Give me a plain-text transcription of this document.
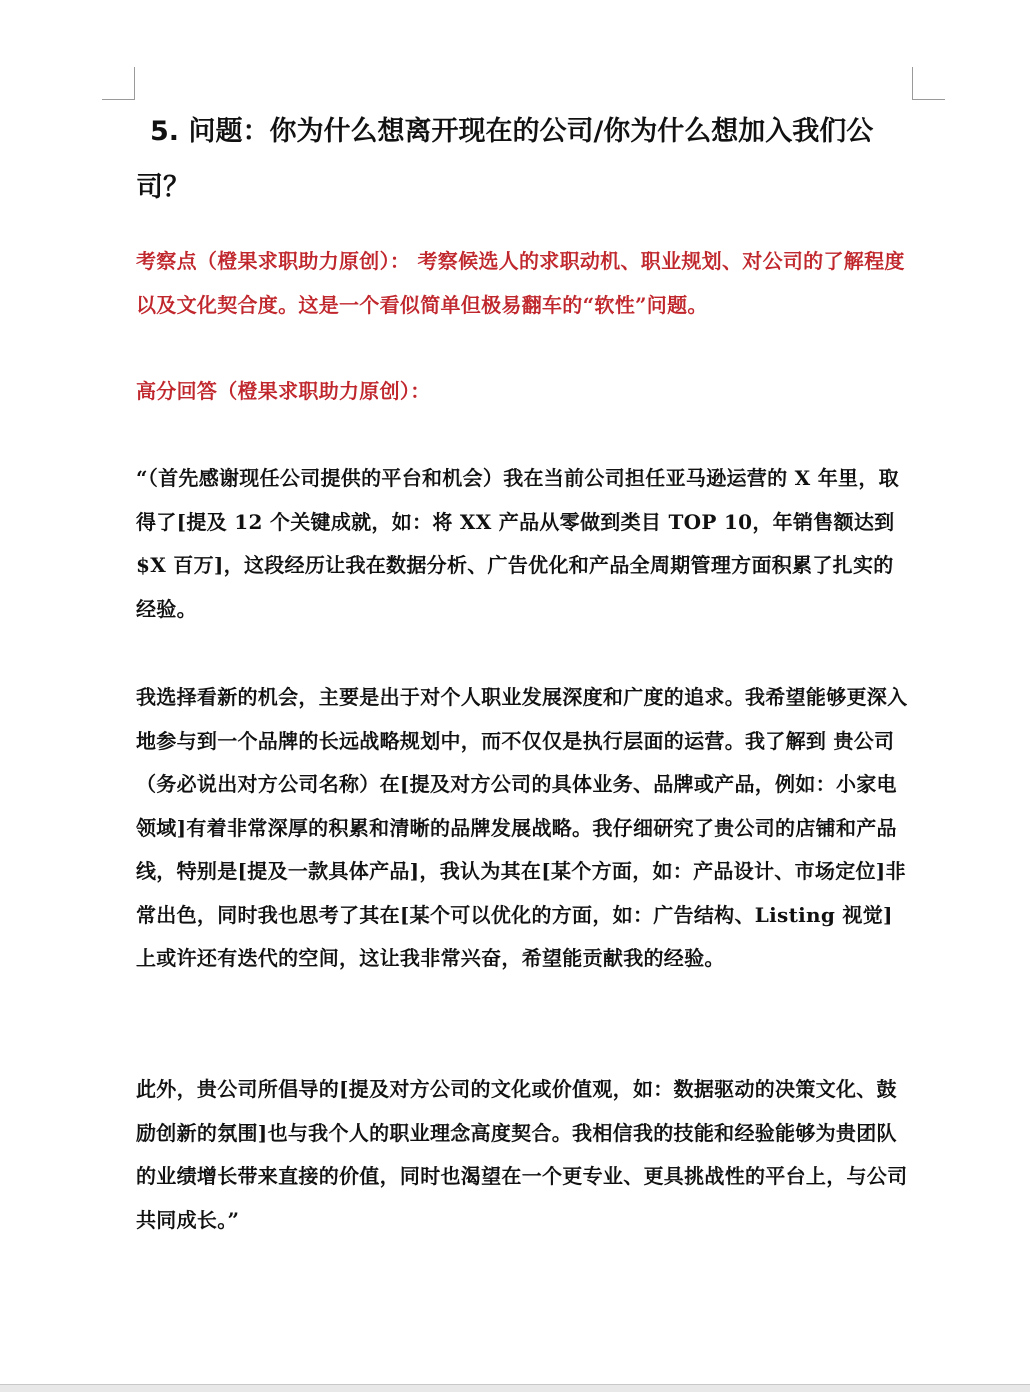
5. 问题：你为什么想离开现在的公司/你为什么想加入我们公司？
考察点（橙果求职助力原创）： 考察候选人的求职动机、职业规划、对公司的了解程度以及文化契合度。这是一个看似简单但极易翻车的“软性”问题。
高分回答（橙果求职助力原创）：
“（首先感谢现任公司提供的平台和机会）我在当前公司担任亚马逊运营的 X 年里，取得了[提及 12 个关键成就，如：将 XX 产品从零做到类目 TOP 10，年销售额达到$X 百万]，这段经历让我在数据分析、广告优化和产品全周期管理方面积累了扎实的经验。
我选择看新的机会，主要是出于对个人职业发展深度和广度的追求。我希望能够更深入地参与到一个品牌的长远战略规划中，而不仅仅是执行层面的运营。我了解到 贵公司（务必说出对方公司名称）在[提及对方公司的具体业务、品牌或产品，例如：小家电领域]有着非常深厚的积累和清晰的品牌发展战略。我仔细研究了贵公司的店铺和产品线，特别是[提及一款具体产品]，我认为其在[某个方面，如：产品设计、市场定位]非常出色，同时我也思考了其在[某个可以优化的方面，如：广告结构、Listing 视觉]上或许还有迭代的空间，这让我非常兴奋，希望能贡献我的经验。
此外，贵公司所倡导的[提及对方公司的文化或价值观，如：数据驱动的决策文化、鼓励创新的氛围]也与我个人的职业理念高度契合。我相信我的技能和经验能够为贵团队的业绩增长带来直接的价值，同时也渴望在一个更专业、更具挑战性的平台上，与公司共同成长。”
